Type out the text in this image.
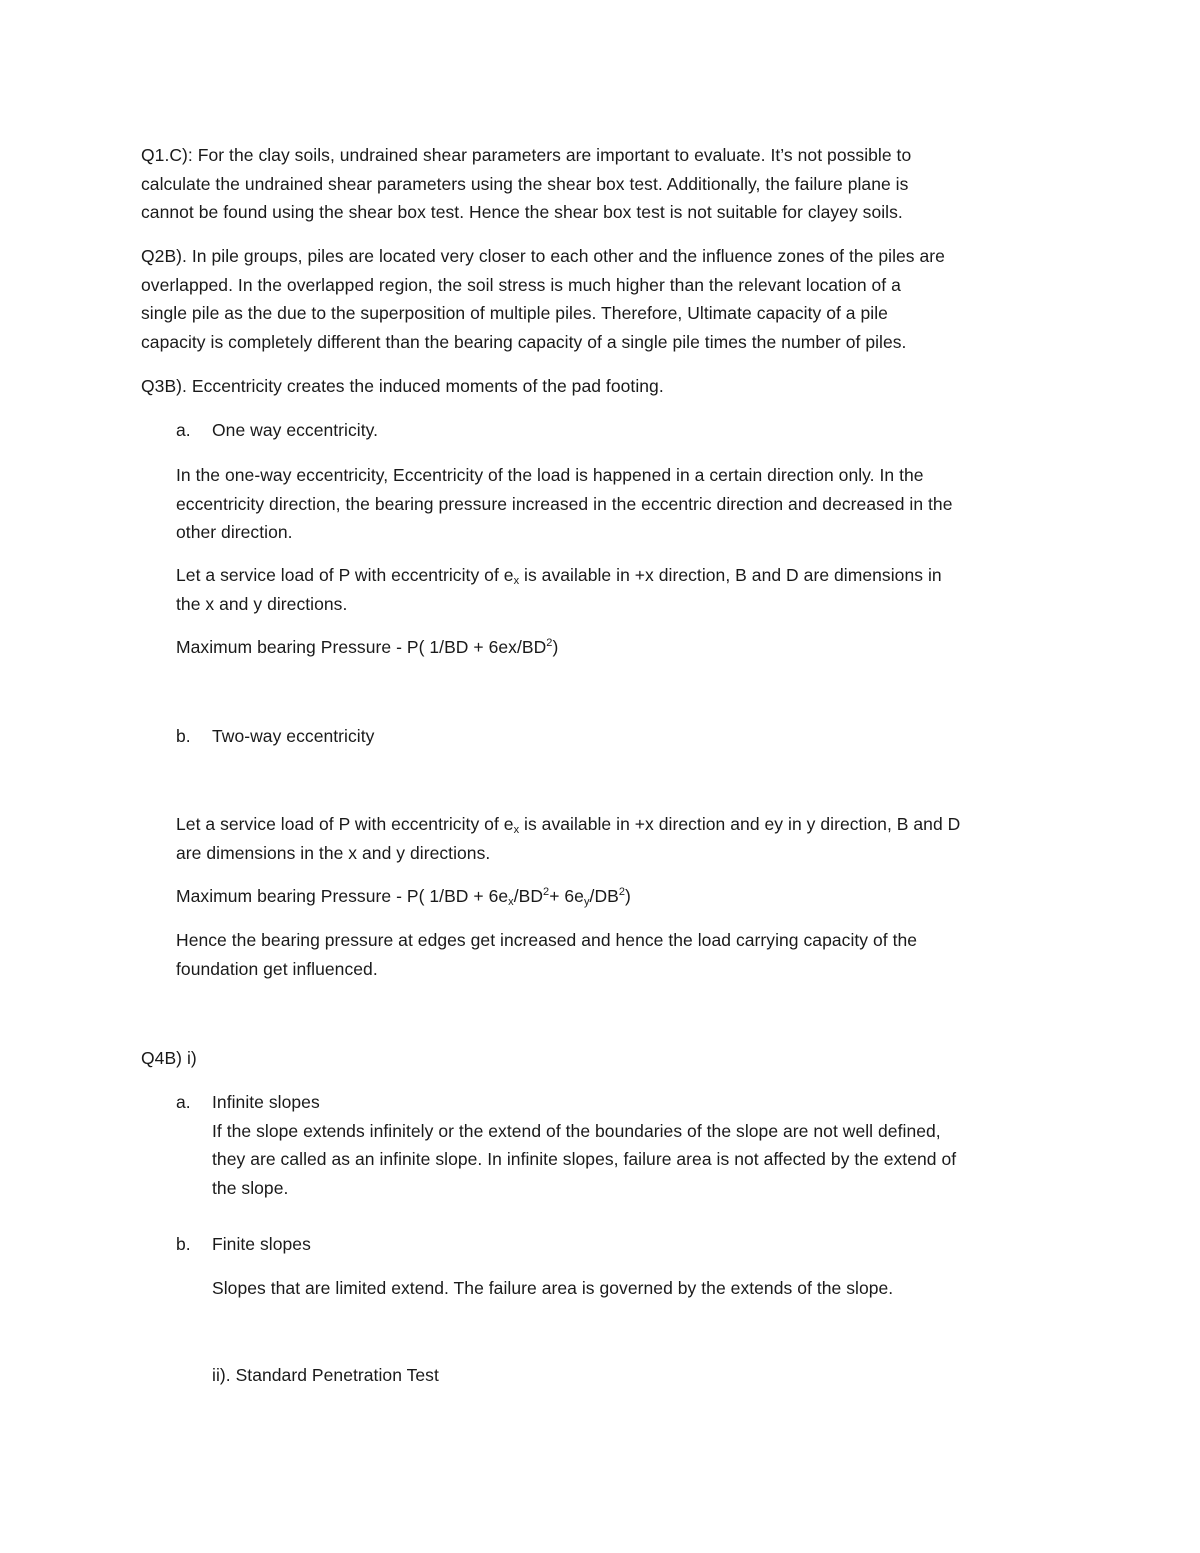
Q1.C): For the clay soils, undrained shear parameters are important to evaluate. It’s not possible to
calculate the undrained shear parameters using the shear box test. Additionally, the failure plane is
cannot be found using the shear box test. Hence the shear box test is not suitable for clayey soils.
Q2B). In pile groups, piles are located very closer to each other and the influence zones of the piles are
overlapped. In the overlapped region, the soil stress is much higher than the relevant location of a
single pile as the due to the superposition of multiple piles. Therefore, Ultimate capacity of a pile
capacity is completely different than the bearing capacity of a single pile times the number of piles.
Q3B). Eccentricity creates the induced moments of the pad footing.
a. One way eccentricity.
In the one-way eccentricity, Eccentricity of the load is happened in a certain direction only. In the
eccentricity direction, the bearing pressure increased in the eccentric direction and decreased in the
other direction.
Let a service load of P with eccentricity of $e_x$ is available in +x direction, B and D are dimensions in
the x and y directions.
Maximum bearing Pressure - P( $1/BD + 6ex/BD^2$)
b. Two-way eccentricity
Let a service load of P with eccentricity of $e_x$ is available in +x direction and ey in y direction, B and D
are dimensions in the x and y directions.
Maximum bearing Pressure - P( $1/BD + 6e_x/BD^2+ 6e_y/DB^2$)
Hence the bearing pressure at edges get increased and hence the load carrying capacity of the
foundation get influenced.
Q4B) i)
a. Infinite slopes
If the slope extends infinitely or the extend of the boundaries of the slope are not well defined,
they are called as an infinite slope. In infinite slopes, failure area is not affected by the extend of
the slope.
b. Finite slopes
Slopes that are limited extend. The failure area is governed by the extends of the slope.
ii). Standard Penetration Test
